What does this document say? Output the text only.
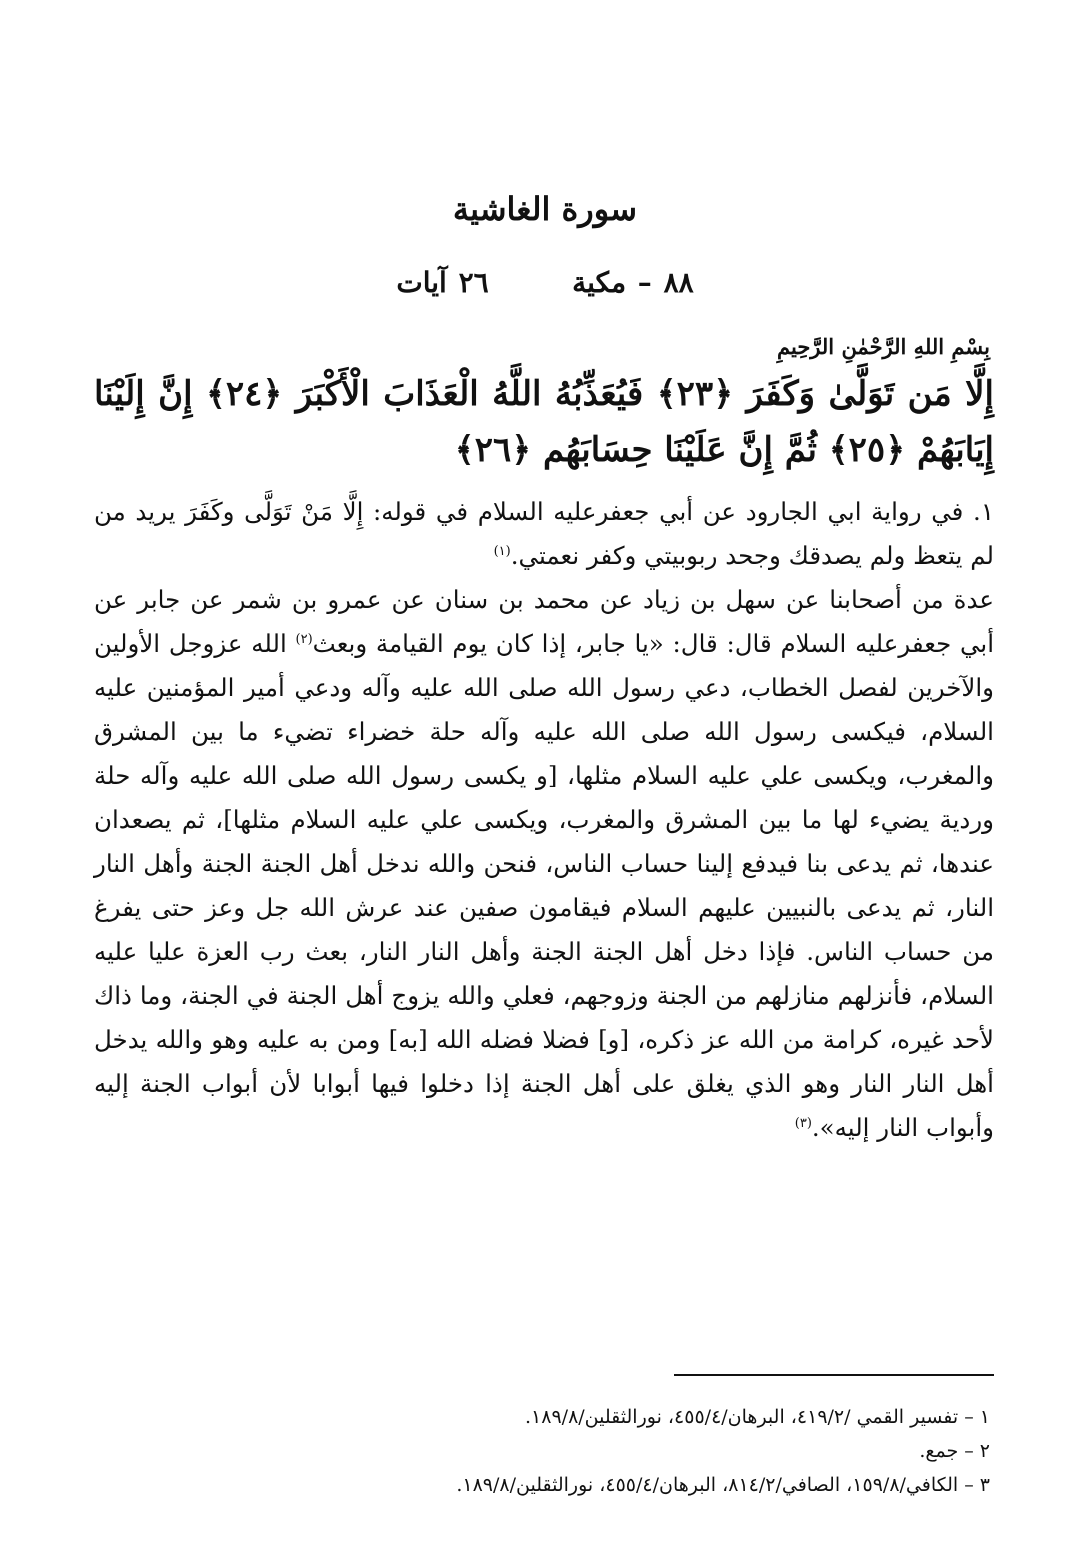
سورة الغاشية
٨٨ – مكية  ٢٦ آيات
بِسْمِ اللهِ الرَّحْمٰنِ الرَّحِيمِ
إِلَّا مَن تَوَلَّىٰ وَكَفَرَ ﴿٢٣﴾ فَيُعَذِّبُهُ اللَّهُ الْعَذَابَ الْأَكْبَرَ ﴿٢٤﴾ إِنَّ إِلَيْنَا إِيَابَهُمْ ﴿٢٥﴾ ثُمَّ إِنَّ عَلَيْنَا حِسَابَهُم ﴿٢٦﴾

١. في رواية ابي الجارود عن أبي جعفرعليه السلام في قوله: إِلَّا مَنْ تَوَلَّى وكَفَرَ يريد من لم يتعظ ولم يصدقك وجحد ربوبيتي وكفر نعمتي.$^{(١)}$

عدة من أصحابنا عن سهل بن زياد عن محمد بن سنان عن عمرو بن شمر عن جابر عن أبي جعفرعليه السلام قال: قال: «يا جابر، إذا كان يوم القيامة وبعث$^{(٢)}$ الله عزوجل الأولين والآخرين لفصل الخطاب، دعي رسول الله صلى الله عليه وآله ودعي أمير المؤمنين عليه السلام، فيكسى رسول الله صلى الله عليه وآله حلة خضراء تضيء ما بين المشرق والمغرب، ويكسى علي عليه السلام مثلها، [و يكسى رسول الله صلى الله عليه وآله حلة وردية يضيء لها ما بين المشرق والمغرب، ويكسى علي عليه السلام مثلها]، ثم يصعدان عندها، ثم يدعى بنا فيدفع إلينا حساب الناس، فنحن والله ندخل أهل الجنة الجنة وأهل النار النار، ثم يدعى بالنبيين عليهم السلام فيقامون صفين عند عرش الله جل وعز حتى يفرغ من حساب الناس. فإذا دخل أهل الجنة الجنة وأهل النار النار، بعث رب العزة عليا عليه السلام، فأنزلهم منازلهم من الجنة وزوجهم، فعلي والله يزوج أهل الجنة في الجنة، وما ذاك لأحد غيره، كرامة من الله عز ذكره، [و] فضلا فضله الله [به] ومن به عليه وهو والله يدخل أهل النار النار وهو الذي يغلق على أهل الجنة إذا دخلوا فيها أبوابا لأن أبواب الجنة إليه وأبواب النار إليه».$^{(٣)}$

١ – تفسير القمي /٤١٩/٢، البرهان/٤٥٥/٤، نورالثقلين/١٨٩/٨.
٢ – جمع.
٣ – الكافي/١٥٩/٨، الصافي/٨١٤/٢، البرهان/٤٥٥/٤، نورالثقلين/١٨٩/٨.
